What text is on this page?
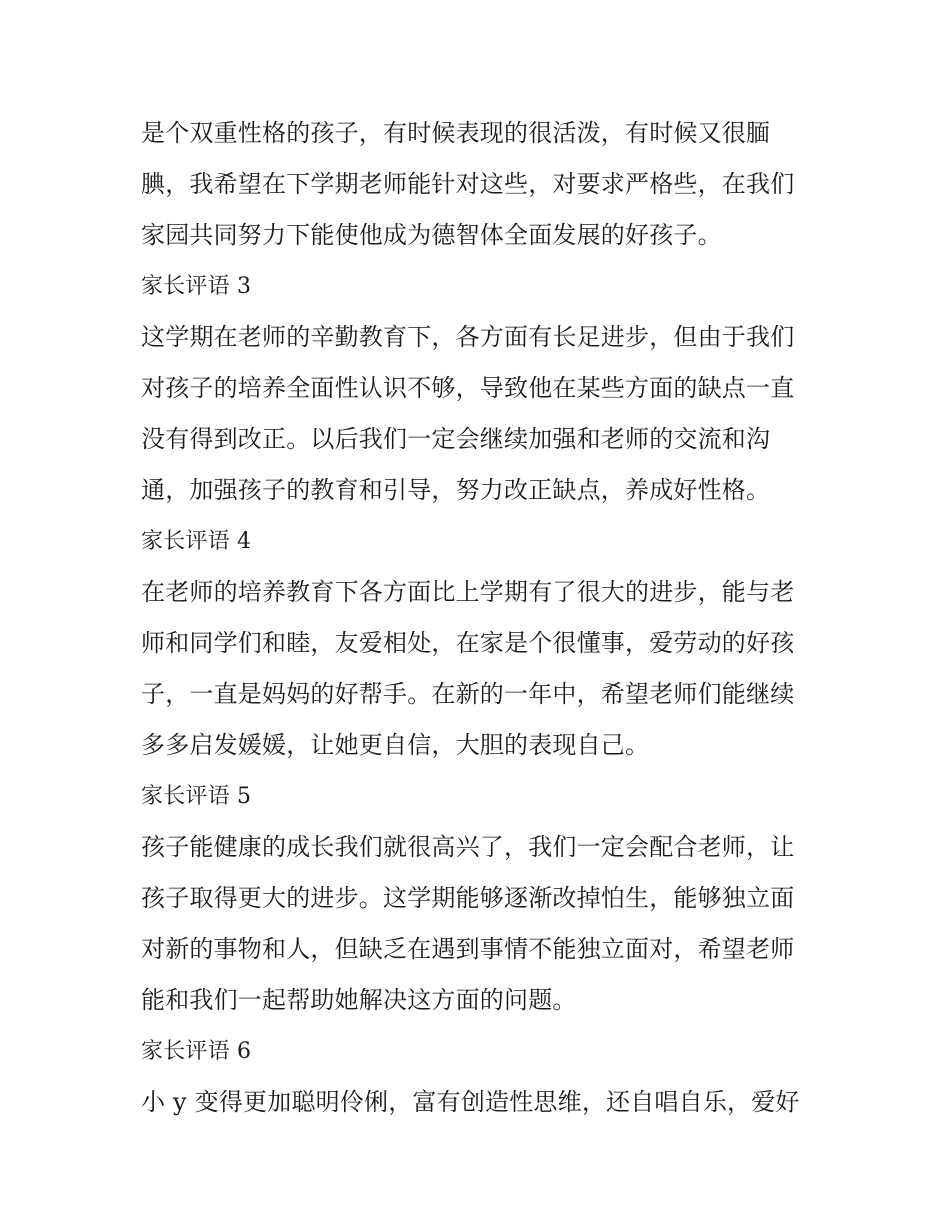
是个双重性格的孩子，有时候表现的很活泼，有时候又很腼
腆，我希望在下学期老师能针对这些，对要求严格些，在我们
家园共同努力下能使他成为德智体全面发展的好孩子。
家长评语 3
这学期在老师的辛勤教育下，各方面有长足进步，但由于我们
对孩子的培养全面性认识不够，导致他在某些方面的缺点一直
没有得到改正。以后我们一定会继续加强和老师的交流和沟
通，加强孩子的教育和引导，努力改正缺点，养成好性格。
家长评语 4
在老师的培养教育下各方面比上学期有了很大的进步，能与老
师和同学们和睦，友爱相处，在家是个很懂事，爱劳动的好孩
子，一直是妈妈的好帮手。在新的一年中，希望老师们能继续
多多启发媛媛，让她更自信，大胆的表现自己。
家长评语 5
孩子能健康的成长我们就很高兴了，我们一定会配合老师，让
孩子取得更大的进步。这学期能够逐渐改掉怕生，能够独立面
对新的事物和人，但缺乏在遇到事情不能独立面对，希望老师
能和我们一起帮助她解决这方面的问题。
家长评语 6
小 y 变得更加聪明伶俐，富有创造性思维，还自唱自乐，爱好
